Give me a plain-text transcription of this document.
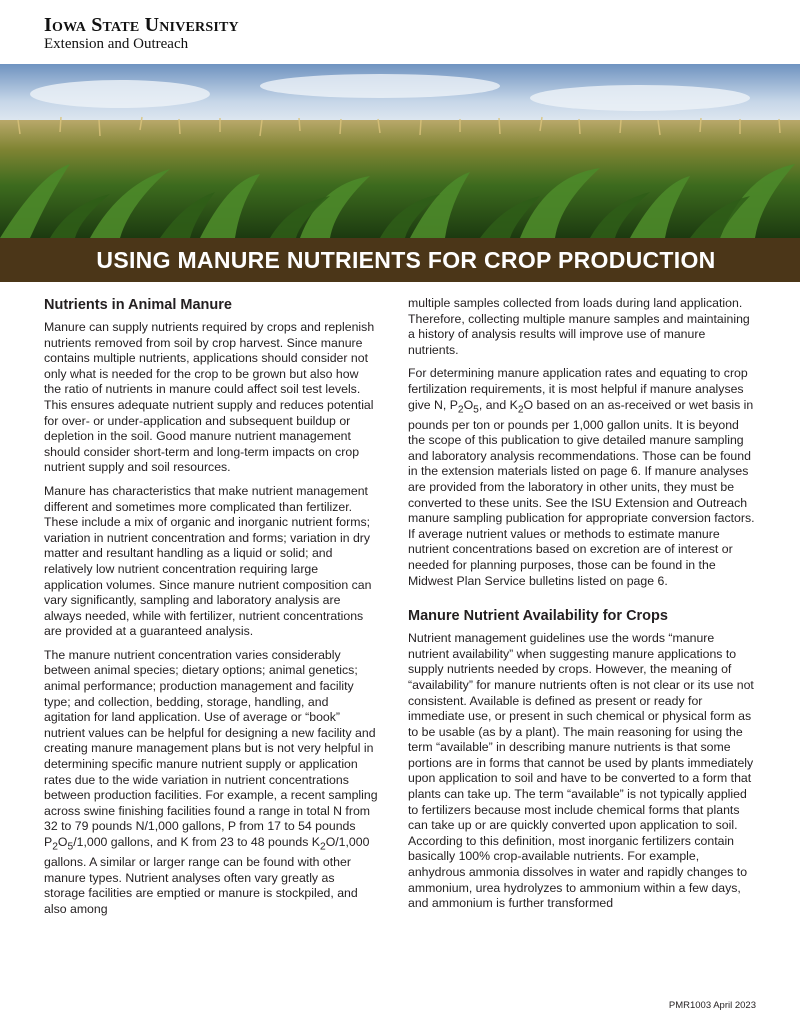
Iowa State University
Extension and Outreach
USING MANURE NUTRIENTS FOR CROP PRODUCTION
Nutrients in Animal Manure

Manure can supply nutrients required by crops and replenish nutrients removed from soil by crop harvest. Since manure contains multiple nutrients, applications should consider not only what is needed for the crop to be grown but also how the ratio of nutrients in manure could affect soil test levels. This ensures adequate nutrient supply and reduces potential for over- or under-application and subsequent buildup or depletion in the soil. Good manure nutrient management should consider short-term and long-term impacts on crop nutrient supply and soil resources.

Manure has characteristics that make nutrient management different and sometimes more complicated than fertilizer. These include a mix of organic and inorganic nutrient forms; variation in nutrient concentration and forms; variation in dry matter and resultant handling as a liquid or solid; and relatively low nutrient concentration requiring large application volumes. Since manure nutrient composition can vary significantly, sampling and laboratory analysis are always needed, while with fertilizer, nutrient concentrations are provided at a guaranteed analysis.

The manure nutrient concentration varies considerably between animal species; dietary options; animal genetics; animal performance; production management and facility type; and collection, bedding, storage, handling, and agitation for land application. Use of average or “book” nutrient values can be helpful for designing a new facility and creating manure management plans but is not very helpful in determining specific manure nutrient supply or application rates due to the wide variation in nutrient concentrations between production facilities. For example, a recent sampling across swine finishing facilities found a range in total N from 32 to 79 pounds N/1,000 gallons, P from 17 to 54 pounds $P_2O_5/1,000$ gallons, and K from 23 to 48 pounds $K_2O/1,000$ gallons. A similar or larger range can be found with other manure types. Nutrient analyses often vary greatly as storage facilities are emptied or manure is stockpiled, and also among

multiple samples collected from loads during land application. Therefore, collecting multiple manure samples and maintaining a history of analysis results will improve use of manure nutrients.

For determining manure application rates and equating to crop fertilization requirements, it is most helpful if manure analyses give N, $P_2O_5$, and $K_2O$ based on an as-received or wet basis in pounds per ton or pounds per 1,000 gallon units. It is beyond the scope of this publication to give detailed manure sampling and laboratory analysis recommendations. Those can be found in the extension materials listed on page 6. If manure analyses are provided from the laboratory in other units, they must be converted to these units. See the ISU Extension and Outreach manure sampling publication for appropriate conversion factors. If average nutrient values or methods to estimate manure nutrient concentrations based on excretion are of interest or needed for planning purposes, those can be found in the Midwest Plan Service bulletins listed on page 6.

Manure Nutrient Availability for Crops

Nutrient management guidelines use the words “manure nutrient availability” when suggesting manure applications to supply nutrients needed by crops. However, the meaning of “availability” for manure nutrients often is not clear or its use not consistent. Available is defined as present or ready for immediate use, or present in such chemical or physical form as to be usable (as by a plant). The main reasoning for using the term “available” in describing manure nutrients is that some portions are in forms that cannot be used by plants immediately upon application to soil and have to be converted to a form that plants can take up. The term “available” is not typically applied to fertilizers because most include chemical forms that plants can take up or are quickly converted upon application to soil. According to this definition, most inorganic fertilizers contain basically 100% crop-available nutrients. For example, anhydrous ammonia dissolves in water and rapidly changes to ammonium, urea hydrolyzes to ammonium within a few days, and ammonium is further transformed

PMR1003 April 2023
